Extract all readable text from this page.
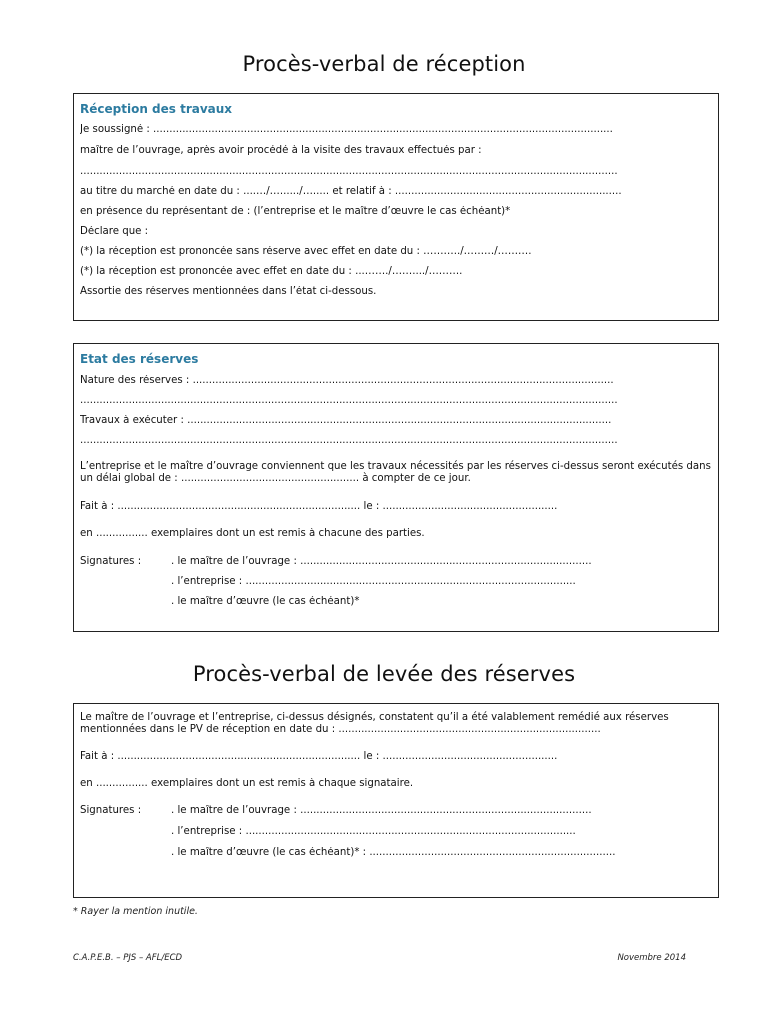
Procès-verbal de réception
Réception des travaux
Je soussigné : ..............................................................................................................................................
maître de l’ouvrage, après avoir procédé à la visite des travaux effectués par :
......................................................................................................................................................................
au titre du marché en date du : ....…/…....../…..... et relatif à : ......................................................................
en présence du représentant de : (l’entreprise et le maître d’œuvre le cas échéant)*
Déclare que :
(*) la réception est prononcée sans réserve avec effet en date du : ………../………/……….
(*) la réception est prononcée avec effet en date du : ...……./……..../……….
Assortie des réserves mentionnées dans l’état ci-dessous.
Etat des réserves
Nature des réserves : ..................................................................................................................................
......................................................................................................................................................................
Travaux à exécuter : ...................................................................................................................................
......................................................................................................................................................................
L’entreprise et le maître d’ouvrage conviennent que les travaux nécessités par les réserves ci-dessus seront exécutés dans un délai global de : ....................................................... à compter de ce jour.
Fait à : ........................................................................... le : ......................................................
en ................ exemplaires dont un est remis à chacune des parties.
Signatures :	. le maître de l’ouvrage : ..........................................................................................
. l’entreprise : ......................................................................................................
. le maître d’œuvre (le cas échéant)*
Procès-verbal de levée des réserves
Le maître de l’ouvrage et l’entreprise, ci-dessus désignés, constatent qu’il a été valablement remédié aux réserves mentionnées dans le PV de réception en date du : .................................................................................
Fait à : ........................................................................... le : ......................................................
en ................ exemplaires dont un est remis à chaque signataire.
Signatures :	. le maître de l’ouvrage : ..........................................................................................
. l’entreprise : ......................................................................................................
. le maître d’œuvre (le cas échéant)* : ............................................................................
* Rayer la mention inutile.
C.A.P.E.B. – PJS – AFL/ECD	Novembre 2014
